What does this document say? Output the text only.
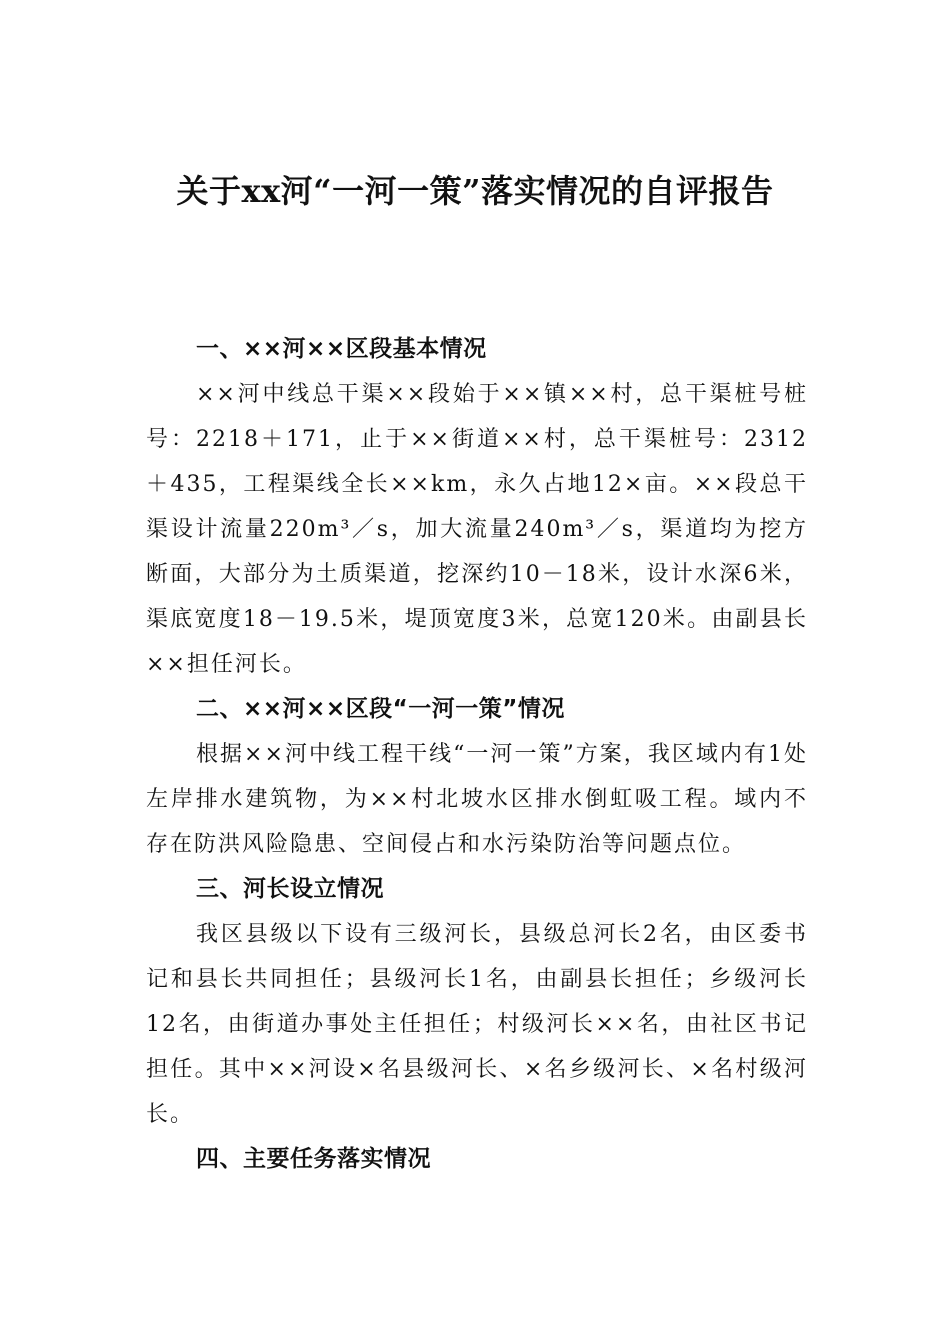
关于xx河“一河一策”落实情况的自评报告
一、××河××区段基本情况

××河中线总干渠××段始于××镇××村，总干渠桩号桩号：2218＋171，止于××街道××村，总干渠桩号：2312＋435，工程渠线全长××km，永久占地12×亩。××段总干渠设计流量220m³／s，加大流量240m³／s，渠道均为挖方断面，大部分为土质渠道，挖深约10－18米，设计水深6米，渠底宽度18－19.5米，堤顶宽度3米，总宽120米。由副县长××担任河长。

二、××河××区段“一河一策”情况

根据××河中线工程干线“一河一策”方案，我区域内有1处左岸排水建筑物，为××村北坡水区排水倒虹吸工程。域内不存在防洪风险隐患、空间侵占和水污染防治等问题点位。

三、河长设立情况

我区县级以下设有三级河长，县级总河长2名，由区委书记和县长共同担任；县级河长1名，由副县长担任；乡级河长12名，由街道办事处主任担任；村级河长××名，由社区书记担任。其中××河设×名县级河长、×名乡级河长、×名村级河长。

四、主要任务落实情况
